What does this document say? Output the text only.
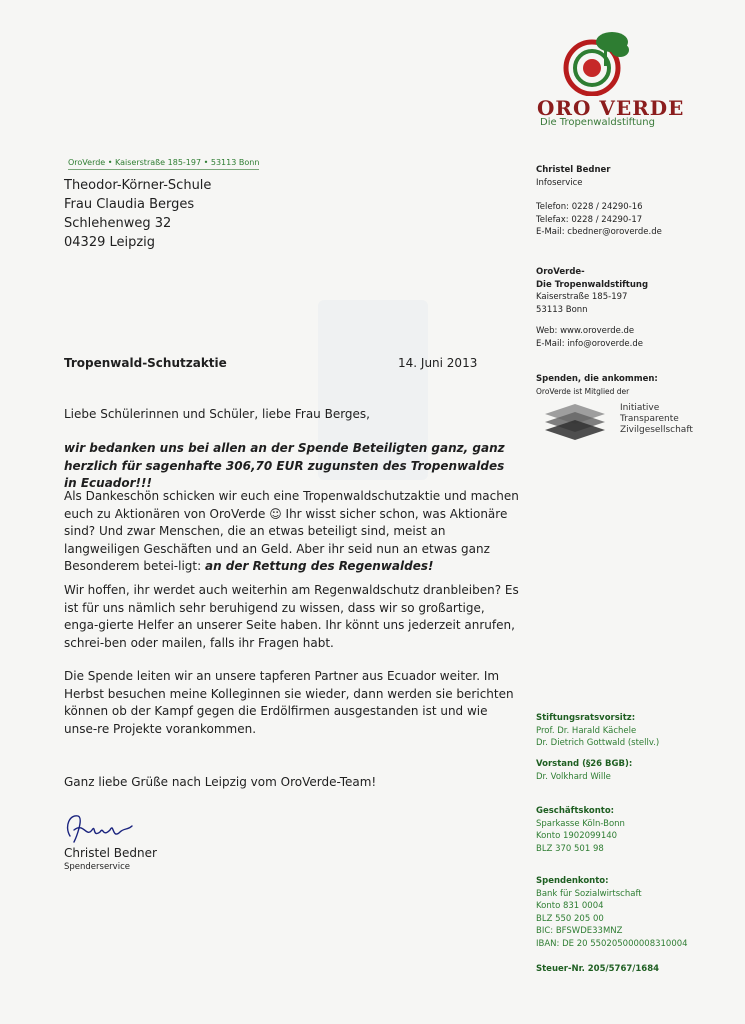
ORO VERDE
Die Tropenwaldstiftung
OroVerde • Kaiserstraße 185-197 • 53113 Bonn
Theodor-Körner-Schule
Frau Claudia Berges
Schlehenweg 32
04329 Leipzig
Christel Bedner
Infoservice
Telefon: 0228 / 24290-16
Telefax: 0228 / 24290-17
E-Mail: cbedner@oroverde.de
OroVerde-
Die Tropenwaldstiftung
Kaiserstraße 185-197
53113 Bonn
Web: www.oroverde.de
E-Mail: info@oroverde.de
Spenden, die ankommen:
OroVerde ist Mitglied der
Initiative
Transparente
Zivilgesellschaft
Tropenwald-Schutzaktie	14. Juni 2013
Liebe Schülerinnen und Schüler, liebe Frau Berges,
wir bedanken uns bei allen an der Spende Beteiligten ganz, ganz herzlich für sagenhafte 306,70 EUR zugunsten des Tropenwaldes in Ecuador!!!
Als Dankeschön schicken wir euch eine Tropenwaldschutzaktie und machen euch zu Aktionären von OroVerde ☺ Ihr wisst sicher schon, was Aktionäre sind? Und zwar Menschen, die an etwas beteiligt sind, meist an langweiligen Geschäften und an Geld. Aber ihr seid nun an etwas ganz Besonderem betei-ligt: an der Rettung des Regenwaldes!
Wir hoffen, ihr werdet auch weiterhin am Regenwaldschutz dranbleiben? Es ist für uns nämlich sehr beruhigend zu wissen, dass wir so großartige, enga-gierte Helfer an unserer Seite haben. Ihr könnt uns jederzeit anrufen, schrei-ben oder mailen, falls ihr Fragen habt.
Die Spende leiten wir an unsere tapferen Partner aus Ecuador weiter. Im Herbst besuchen meine Kolleginnen sie wieder, dann werden sie berichten können ob der Kampf gegen die Erdölfirmen ausgestanden ist und wie unse-re Projekte vorankommen.
Ganz liebe Grüße nach Leipzig vom OroVerde-Team!
Christel Bedner
Spenderservice
Stiftungsratsvorsitz:
Prof. Dr. Harald Kächele
Dr. Dietrich Gottwald (stellv.)
Vorstand (§26 BGB):
Dr. Volkhard Wille
Geschäftskonto:
Sparkasse Köln-Bonn
Konto 1902099140
BLZ 370 501 98
Spendenkonto:
Bank für Sozialwirtschaft
Konto 831 0004
BLZ 550 205 00
BIC: BFSWDE33MNZ
IBAN: DE 20 550205000008310004
Steuer-Nr. 205/5767/1684
